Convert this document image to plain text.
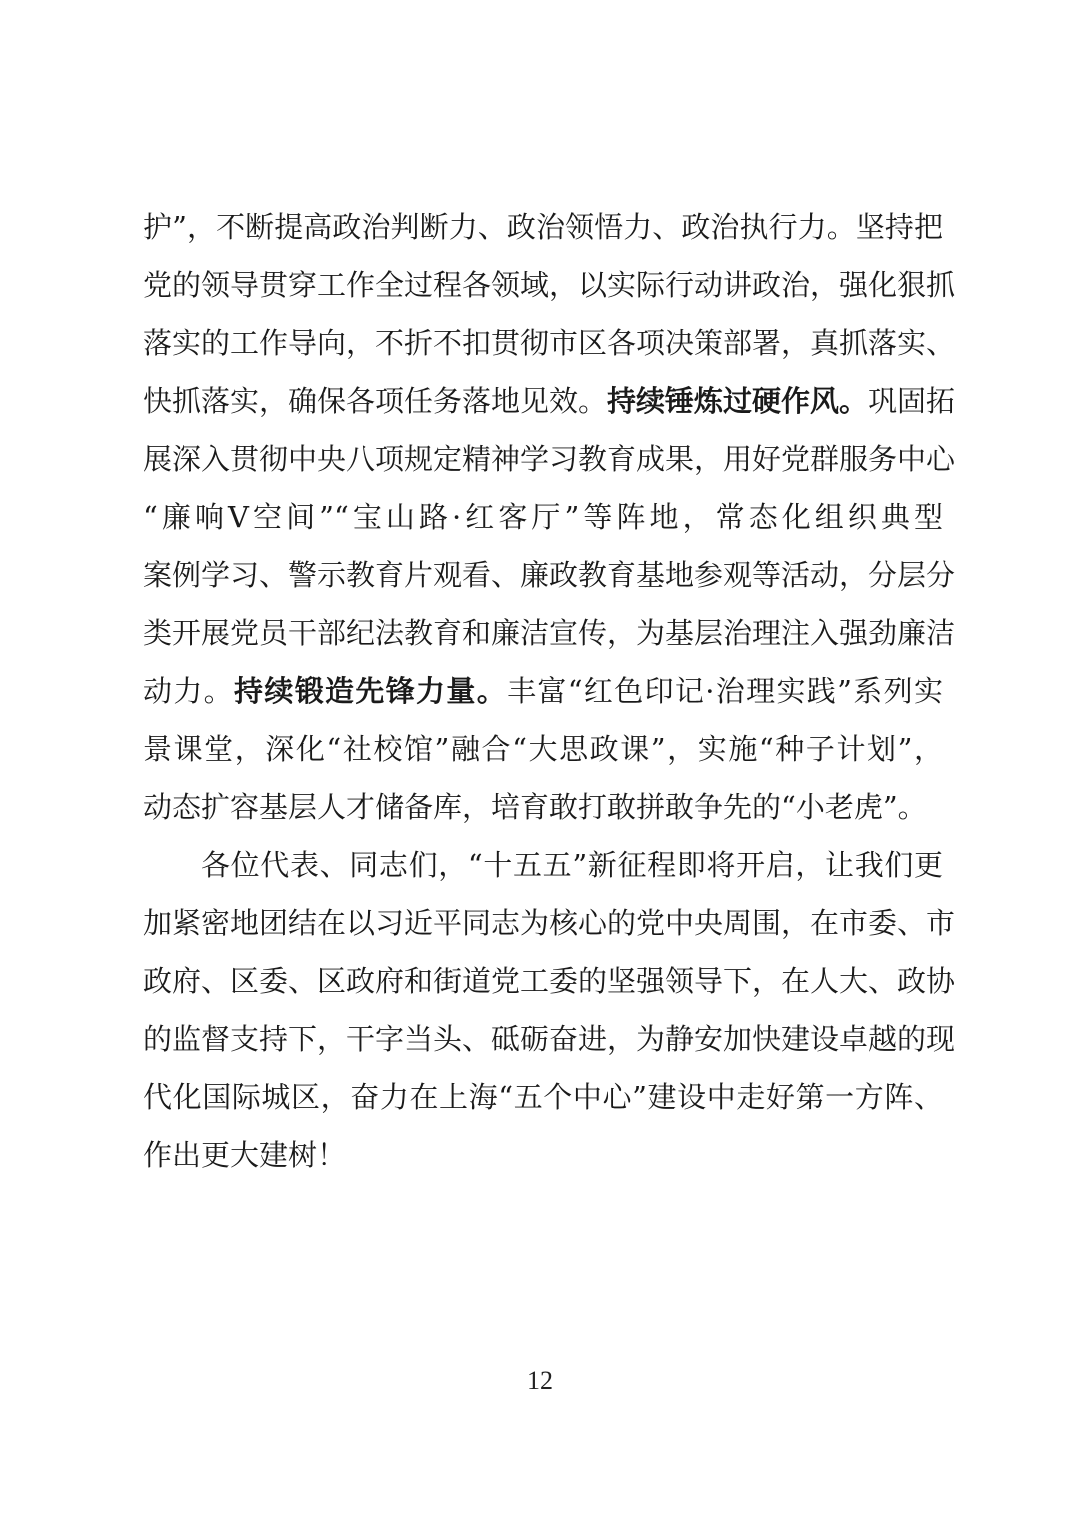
护”，不断提高政治判断力、政治领悟力、政治执行力。坚持把
党的领导贯穿工作全过程各领域，以实际行动讲政治，强化狠抓
落实的工作导向，不折不扣贯彻市区各项决策部署，真抓落实、
快抓落实，确保各项任务落地见效。持续锤炼过硬作风。巩固拓
展深入贯彻中央八项规定精神学习教育成果，用好党群服务中心
“廉响Ⅴ空间”“宝山路·红客厅”等阵地，常态化组织典型
案例学习、警示教育片观看、廉政教育基地参观等活动，分层分
类开展党员干部纪法教育和廉洁宣传，为基层治理注入强劲廉洁
动力。持续锻造先锋力量。丰富“红色印记·治理实践”系列实
景课堂，深化“社校馆”融合“大思政课”，实施“种子计划”，
动态扩容基层人才储备库，培育敢打敢拼敢争先的“小老虎”。
各位代表、同志们，“十五五”新征程即将开启，让我们更
加紧密地团结在以习近平同志为核心的党中央周围，在市委、市
政府、区委、区政府和街道党工委的坚强领导下，在人大、政协
的监督支持下，干字当头、砥砺奋进，为静安加快建设卓越的现
代化国际城区，奋力在上海“五个中心”建设中走好第一方阵、
作出更大建树！
12
